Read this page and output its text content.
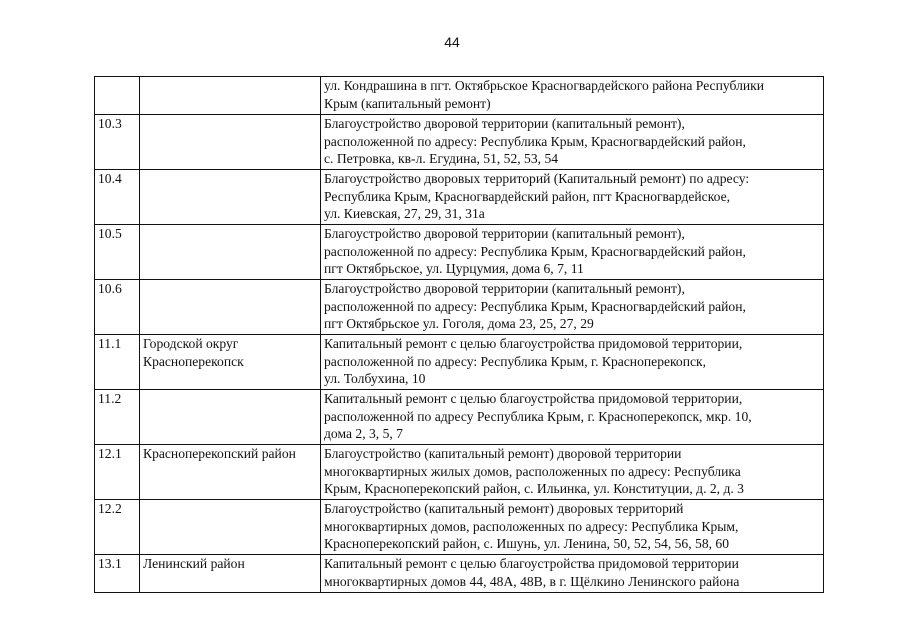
44

		ул. Кондрашина в пгт. Октябрьское Красногвардейского района Республики
Крым (капитальный ремонт)

10.3		Благоустройство дворовой территории (капитальный ремонт),
расположенной по адресу: Республика Крым, Красногвардейский район,
с. Петровка, кв-л. Егудина, 51, 52, 53, 54

10.4		Благоустройство дворовых территорий (Капитальный ремонт) по адресу:
Республика Крым, Красногвардейский район, пгт Красногвардейское,
ул. Киевская, 27, 29, 31, 31а

10.5		Благоустройство дворовой территории (капитальный ремонт),
расположенной по адресу: Республика Крым, Красногвардейский район,
пгт Октябрьское, ул. Цурцумия, дома 6, 7, 11

10.6		Благоустройство дворовой территории (капитальный ремонт),
расположенной по адресу: Республика Крым, Красногвардейский район,
пгт Октябрьское ул. Гоголя, дома 23, 25, 27, 29

11.1	Городской округ Красноперекопск	Капитальный ремонт с целью благоустройства придомовой территории,
расположенной по адресу: Республика Крым, г. Красноперекопск,
ул. Толбухина, 10

11.2		Капитальный ремонт с целью благоустройства придомовой территории,
расположенной по адресу Республика Крым, г. Красноперекопск, мкр. 10,
дома 2, 3, 5, 7

12.1	Красноперекопский район	Благоустройство (капитальный ремонт) дворовой территории
многоквартирных жилых домов, расположенных по адресу: Республика
Крым, Красноперекопский район, с. Ильинка, ул. Конституции, д. 2, д. 3

12.2		Благоустройство (капитальный ремонт) дворовых территорий
многоквартирных домов, расположенных по адресу: Республика Крым,
Красноперекопский район, с. Ишунь, ул. Ленина, 50, 52, 54, 56, 58, 60

13.1	Ленинский район	Капитальный ремонт с целью благоустройства придомовой территории
многоквартирных домов 44, 48А, 48В, в г. Щёлкино Ленинского района
